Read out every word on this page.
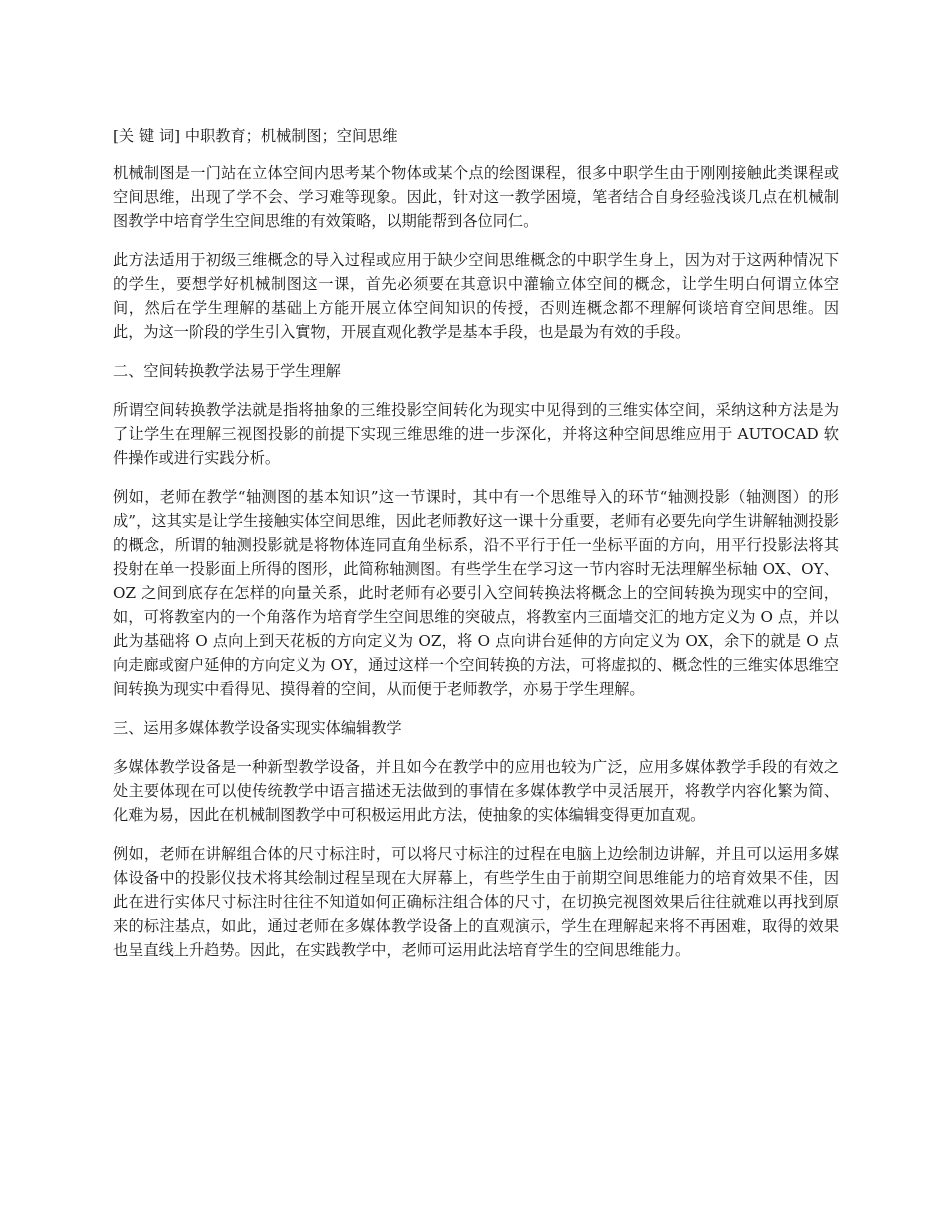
[关 键 词] 中职教育；机械制图；空间思维

机械制图是一门站在立体空间内思考某个物体或某个点的绘图课程，很多中职学生由于刚刚接触此类课程或空间思维，出现了学不会、学习难等现象。因此，针对这一教学困境，笔者结合自身经验浅谈几点在机械制图教学中培育学生空间思维的有效策略，以期能帮到各位同仁。

此方法适用于初级三维概念的导入过程或应用于缺少空间思维概念的中职学生身上，因为对于这两种情况下的学生，要想学好机械制图这一课，首先必须要在其意识中灌输立体空间的概念，让学生明白何谓立体空间，然后在学生理解的基础上方能开展立体空间知识的传授，否则连概念都不理解何谈培育空间思维。因此，为这一阶段的学生引入實物，开展直观化教学是基本手段，也是最为有效的手段。

二、空间转换教学法易于学生理解

所谓空间转换教学法就是指将抽象的三维投影空间转化为现实中见得到的三维实体空间，采纳这种方法是为了让学生在理解三视图投影的前提下实现三维思维的进一步深化，并将这种空间思维应用于 AUTOCAD 软件操作或进行实践分析。

例如，老师在教学“轴测图的基本知识”这一节课时，其中有一个思维导入的环节“轴测投影（轴测图）的形成”，这其实是让学生接触实体空间思维，因此老师教好这一课十分重要，老师有必要先向学生讲解轴测投影的概念，所谓的轴测投影就是将物体连同直角坐标系，沿不平行于任一坐标平面的方向，用平行投影法将其投射在单一投影面上所得的图形，此简称轴测图。有些学生在学习这一节内容时无法理解坐标轴 OX、OY、OZ 之间到底存在怎样的向量关系，此时老师有必要引入空间转换法将概念上的空间转换为现实中的空间，如，可将教室内的一个角落作为培育学生空间思维的突破点，将教室内三面墙交汇的地方定义为 O 点，并以此为基础将 O 点向上到天花板的方向定义为 OZ，将 O 点向讲台延伸的方向定义为 OX，余下的就是 O 点向走廊或窗户延伸的方向定义为 OY，通过这样一个空间转换的方法，可将虚拟的、概念性的三维实体思维空间转换为现实中看得见、摸得着的空间，从而便于老师教学，亦易于学生理解。

三、运用多媒体教学设备实现实体编辑教学

多媒体教学设备是一种新型教学设备，并且如今在教学中的应用也较为广泛，应用多媒体教学手段的有效之处主要体现在可以使传统教学中语言描述无法做到的事情在多媒体教学中灵活展开，将教学内容化繁为简、化难为易，因此在机械制图教学中可积极运用此方法，使抽象的实体编辑变得更加直观。

例如，老师在讲解组合体的尺寸标注时，可以将尺寸标注的过程在电脑上边绘制边讲解，并且可以运用多媒体设备中的投影仪技术将其绘制过程呈现在大屏幕上，有些学生由于前期空间思维能力的培育效果不佳，因此在进行实体尺寸标注时往往不知道如何正确标注组合体的尺寸，在切换完视图效果后往往就难以再找到原来的标注基点，如此，通过老师在多媒体教学设备上的直观演示，学生在理解起来将不再困难，取得的效果也呈直线上升趋势。因此，在实践教学中，老师可运用此法培育学生的空间思维能力。
